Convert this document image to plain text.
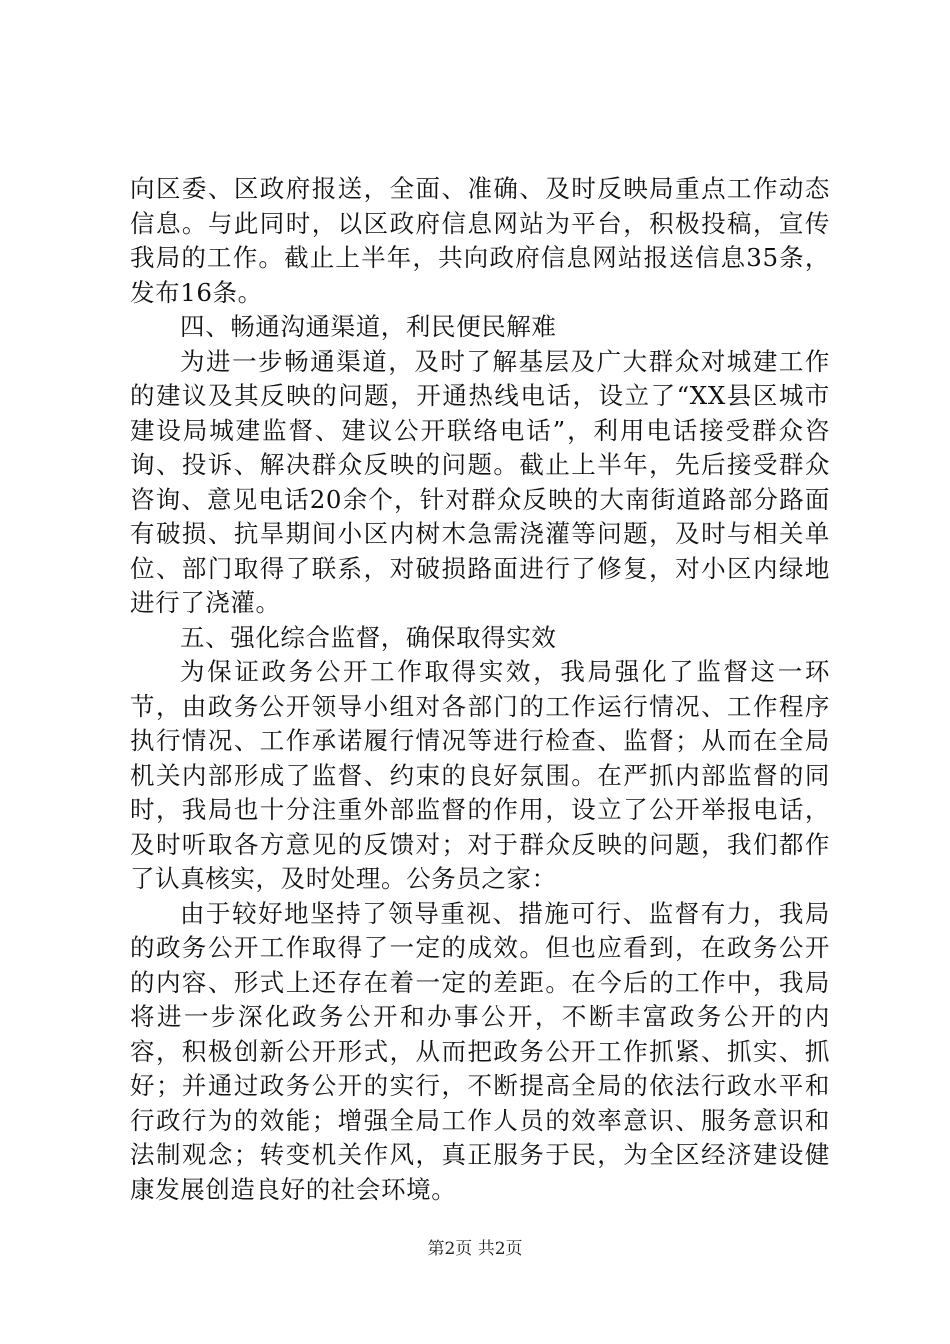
向区委、区政府报送，全面、准确、及时反映局重点工作动态信息。与此同时，以区政府信息网站为平台，积极投稿，宣传我局的工作。截止上半年，共向政府信息网站报送信息35条，发布16条。

四、畅通沟通渠道，利民便民解难

为进一步畅通渠道，及时了解基层及广大群众对城建工作的建议及其反映的问题，开通热线电话，设立了“XX县区城市建设局城建监督、建议公开联络电话”，利用电话接受群众咨询、投诉、解决群众反映的问题。截止上半年，先后接受群众咨询、意见电话20余个，针对群众反映的大南街道路部分路面有破损、抗旱期间小区内树木急需浇灌等问题，及时与相关单位、部门取得了联系，对破损路面进行了修复，对小区内绿地进行了浇灌。

五、强化综合监督，确保取得实效

为保证政务公开工作取得实效，我局强化了监督这一环节，由政务公开领导小组对各部门的工作运行情况、工作程序执行情况、工作承诺履行情况等进行检查、监督；从而在全局机关内部形成了监督、约束的良好氛围。在严抓内部监督的同时，我局也十分注重外部监督的作用，设立了公开举报电话，及时听取各方意见的反馈对；对于群众反映的问题，我们都作了认真核实，及时处理。公务员之家：

由于较好地坚持了领导重视、措施可行、监督有力，我局的政务公开工作取得了一定的成效。但也应看到，在政务公开的内容、形式上还存在着一定的差距。在今后的工作中，我局将进一步深化政务公开和办事公开，不断丰富政务公开的内容，积极创新公开形式，从而把政务公开工作抓紧、抓实、抓好；并通过政务公开的实行，不断提高全局的依法行政水平和行政行为的效能；增强全局工作人员的效率意识、服务意识和法制观念；转变机关作风，真正服务于民，为全区经济建设健康发展创造良好的社会环境。

第2页 共2页
